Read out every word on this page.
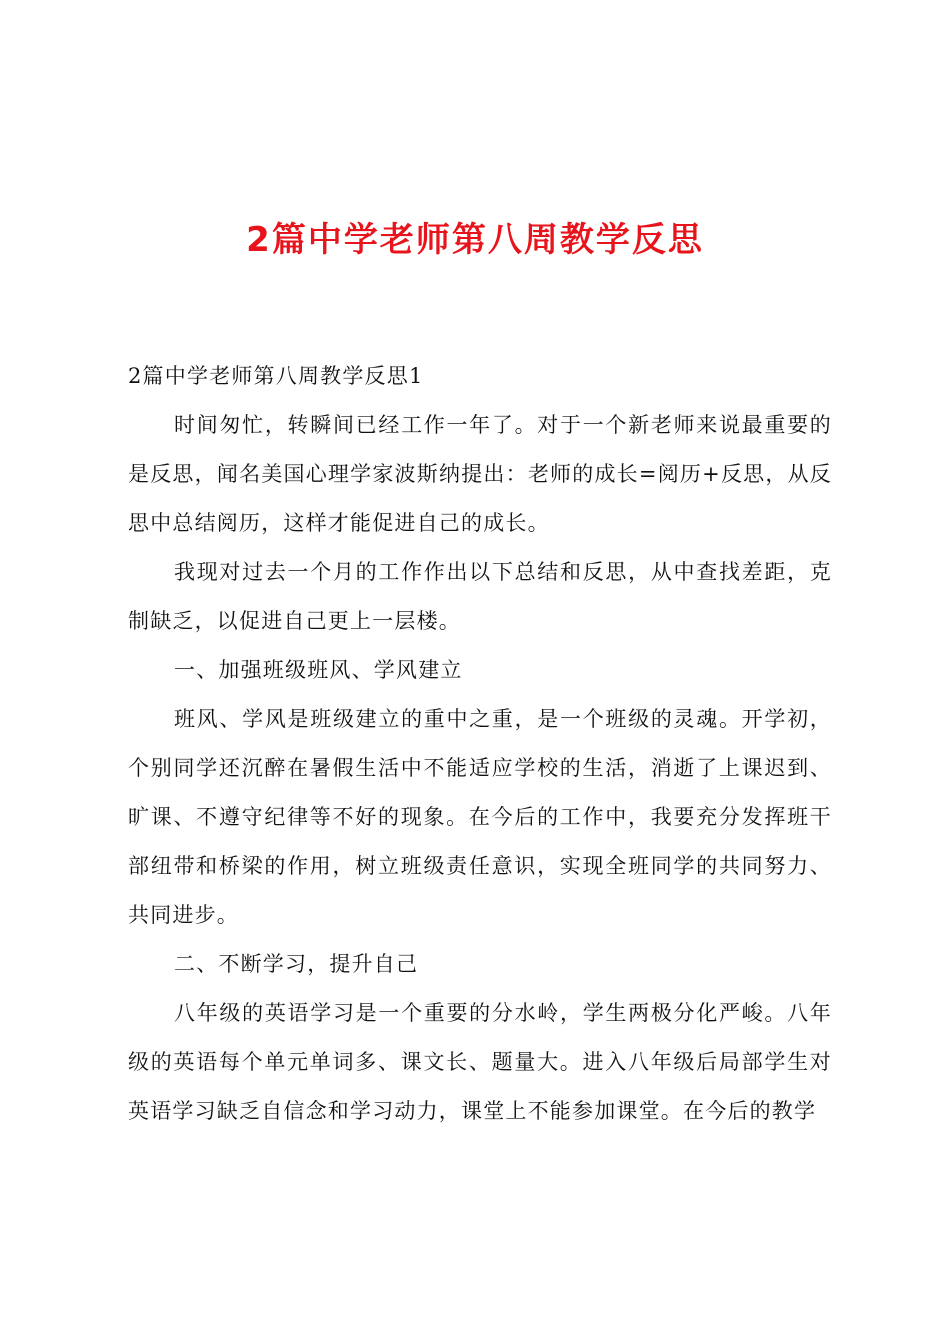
2篇中学老师第八周教学反思

2篇中学老师第八周教学反思1

时间匆忙，转瞬间已经工作一年了。对于一个新老师来说最重要的是反思，闻名美国心理学家波斯纳提出：老师的成长=阅历+反思，从反思中总结阅历，这样才能促进自己的成长。

我现对过去一个月的工作作出以下总结和反思，从中查找差距，克制缺乏，以促进自己更上一层楼。

一、加强班级班风、学风建立

班风、学风是班级建立的重中之重，是一个班级的灵魂。开学初，个别同学还沉醉在暑假生活中不能适应学校的生活，消逝了上课迟到、旷课、不遵守纪律等不好的现象。在今后的工作中，我要充分发挥班干部纽带和桥梁的作用，树立班级责任意识，实现全班同学的共同努力、共同进步。

二、不断学习，提升自己

八年级的英语学习是一个重要的分水岭，学生两极分化严峻。八年级的英语每个单元单词多、课文长、题量大。进入八年级后局部学生对英语学习缺乏自信念和学习动力，课堂上不能参加课堂。在今后的教学
